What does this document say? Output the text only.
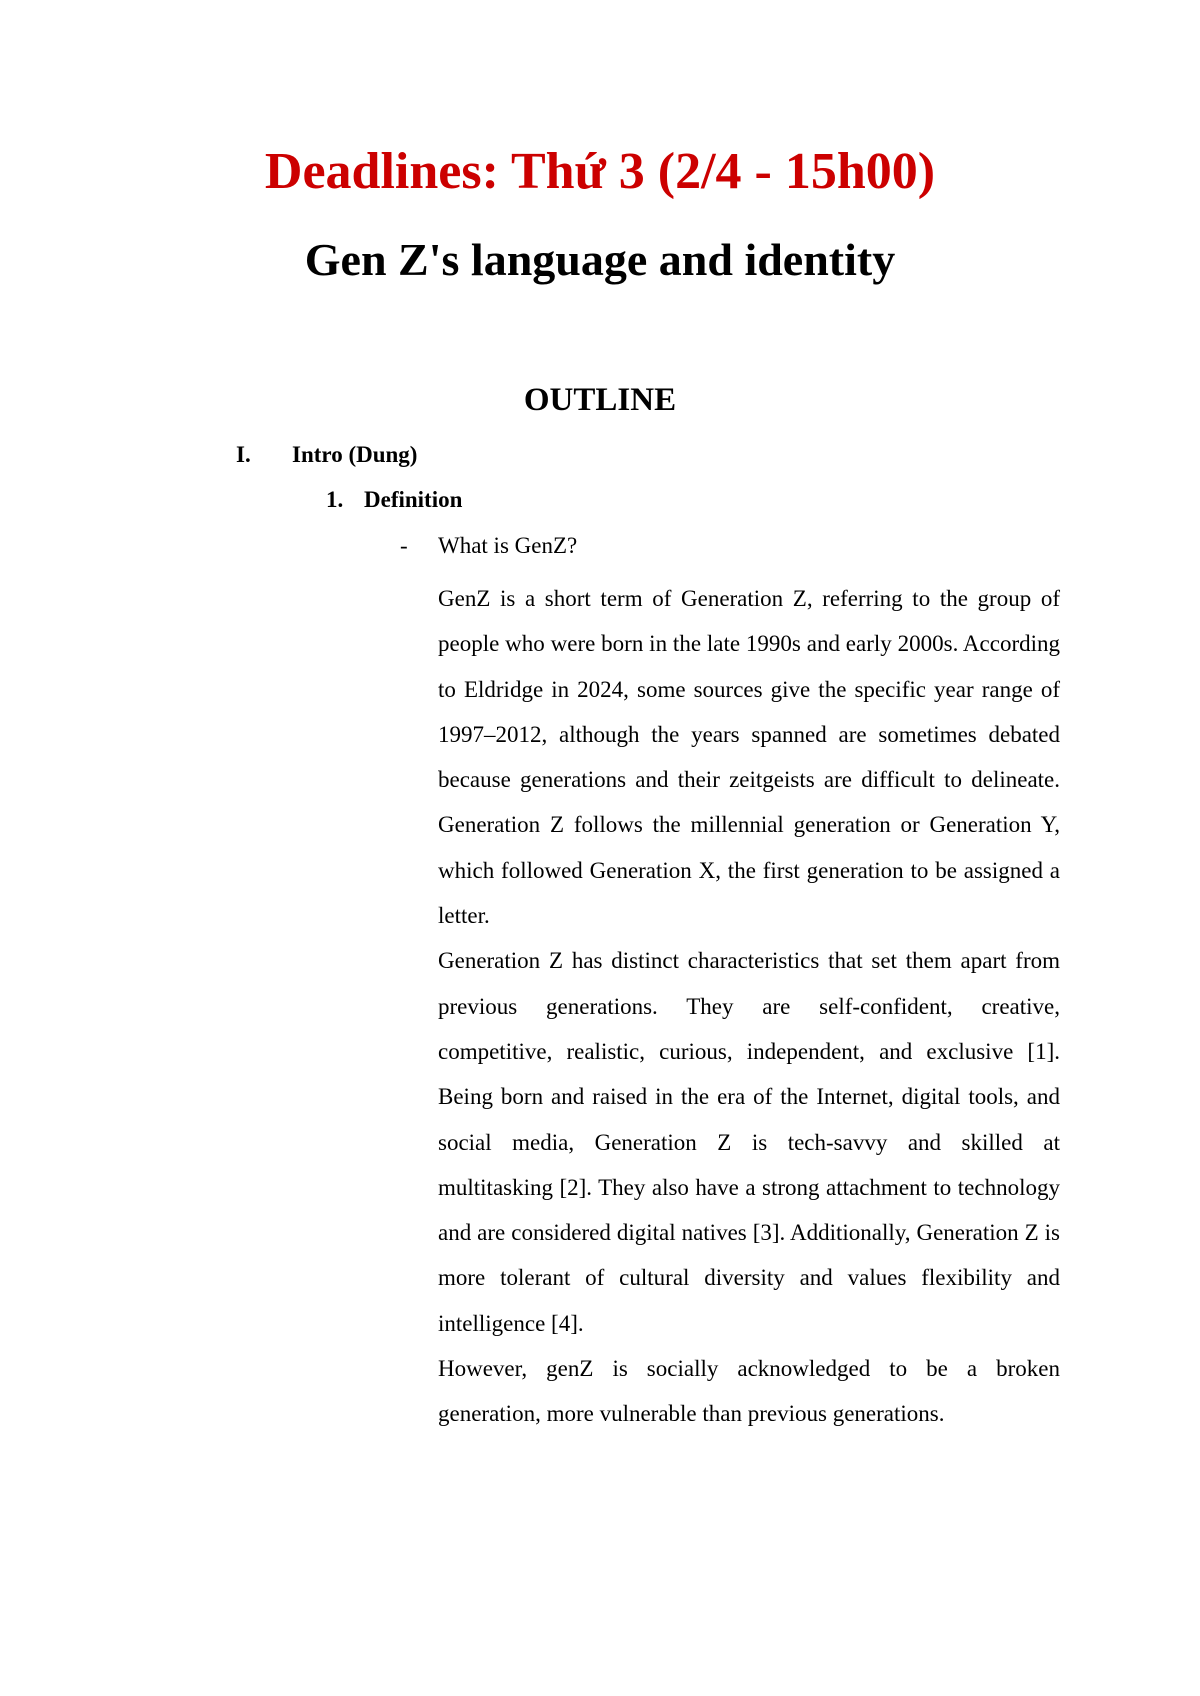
Deadlines: Thứ 3 (2/4 - 15h00)
Gen Z's language and identity
OUTLINE
I. Intro (Dung)
1. Definition
- What is GenZ?

GenZ is a short term of Generation Z, referring to the group of people who were born in the late 1990s and early 2000s. According to Eldridge in 2024, some sources give the specific year range of 1997–2012, although the years spanned are sometimes debated because generations and their zeitgeists are difficult to delineate. Generation Z follows the millennial generation or Generation Y, which followed Generation X, the first generation to be assigned a letter.

Generation Z has distinct characteristics that set them apart from previous generations. They are self-confident, creative, competitive, realistic, curious, independent, and exclusive [1]. Being born and raised in the era of the Internet, digital tools, and social media, Generation Z is tech-savvy and skilled at multitasking [2]. They also have a strong attachment to technology and are considered digital natives [3]. Additionally, Generation Z is more tolerant of cultural diversity and values flexibility and intelligence [4].

However, genZ is socially acknowledged to be a broken generation, more vulnerable than previous generations.
